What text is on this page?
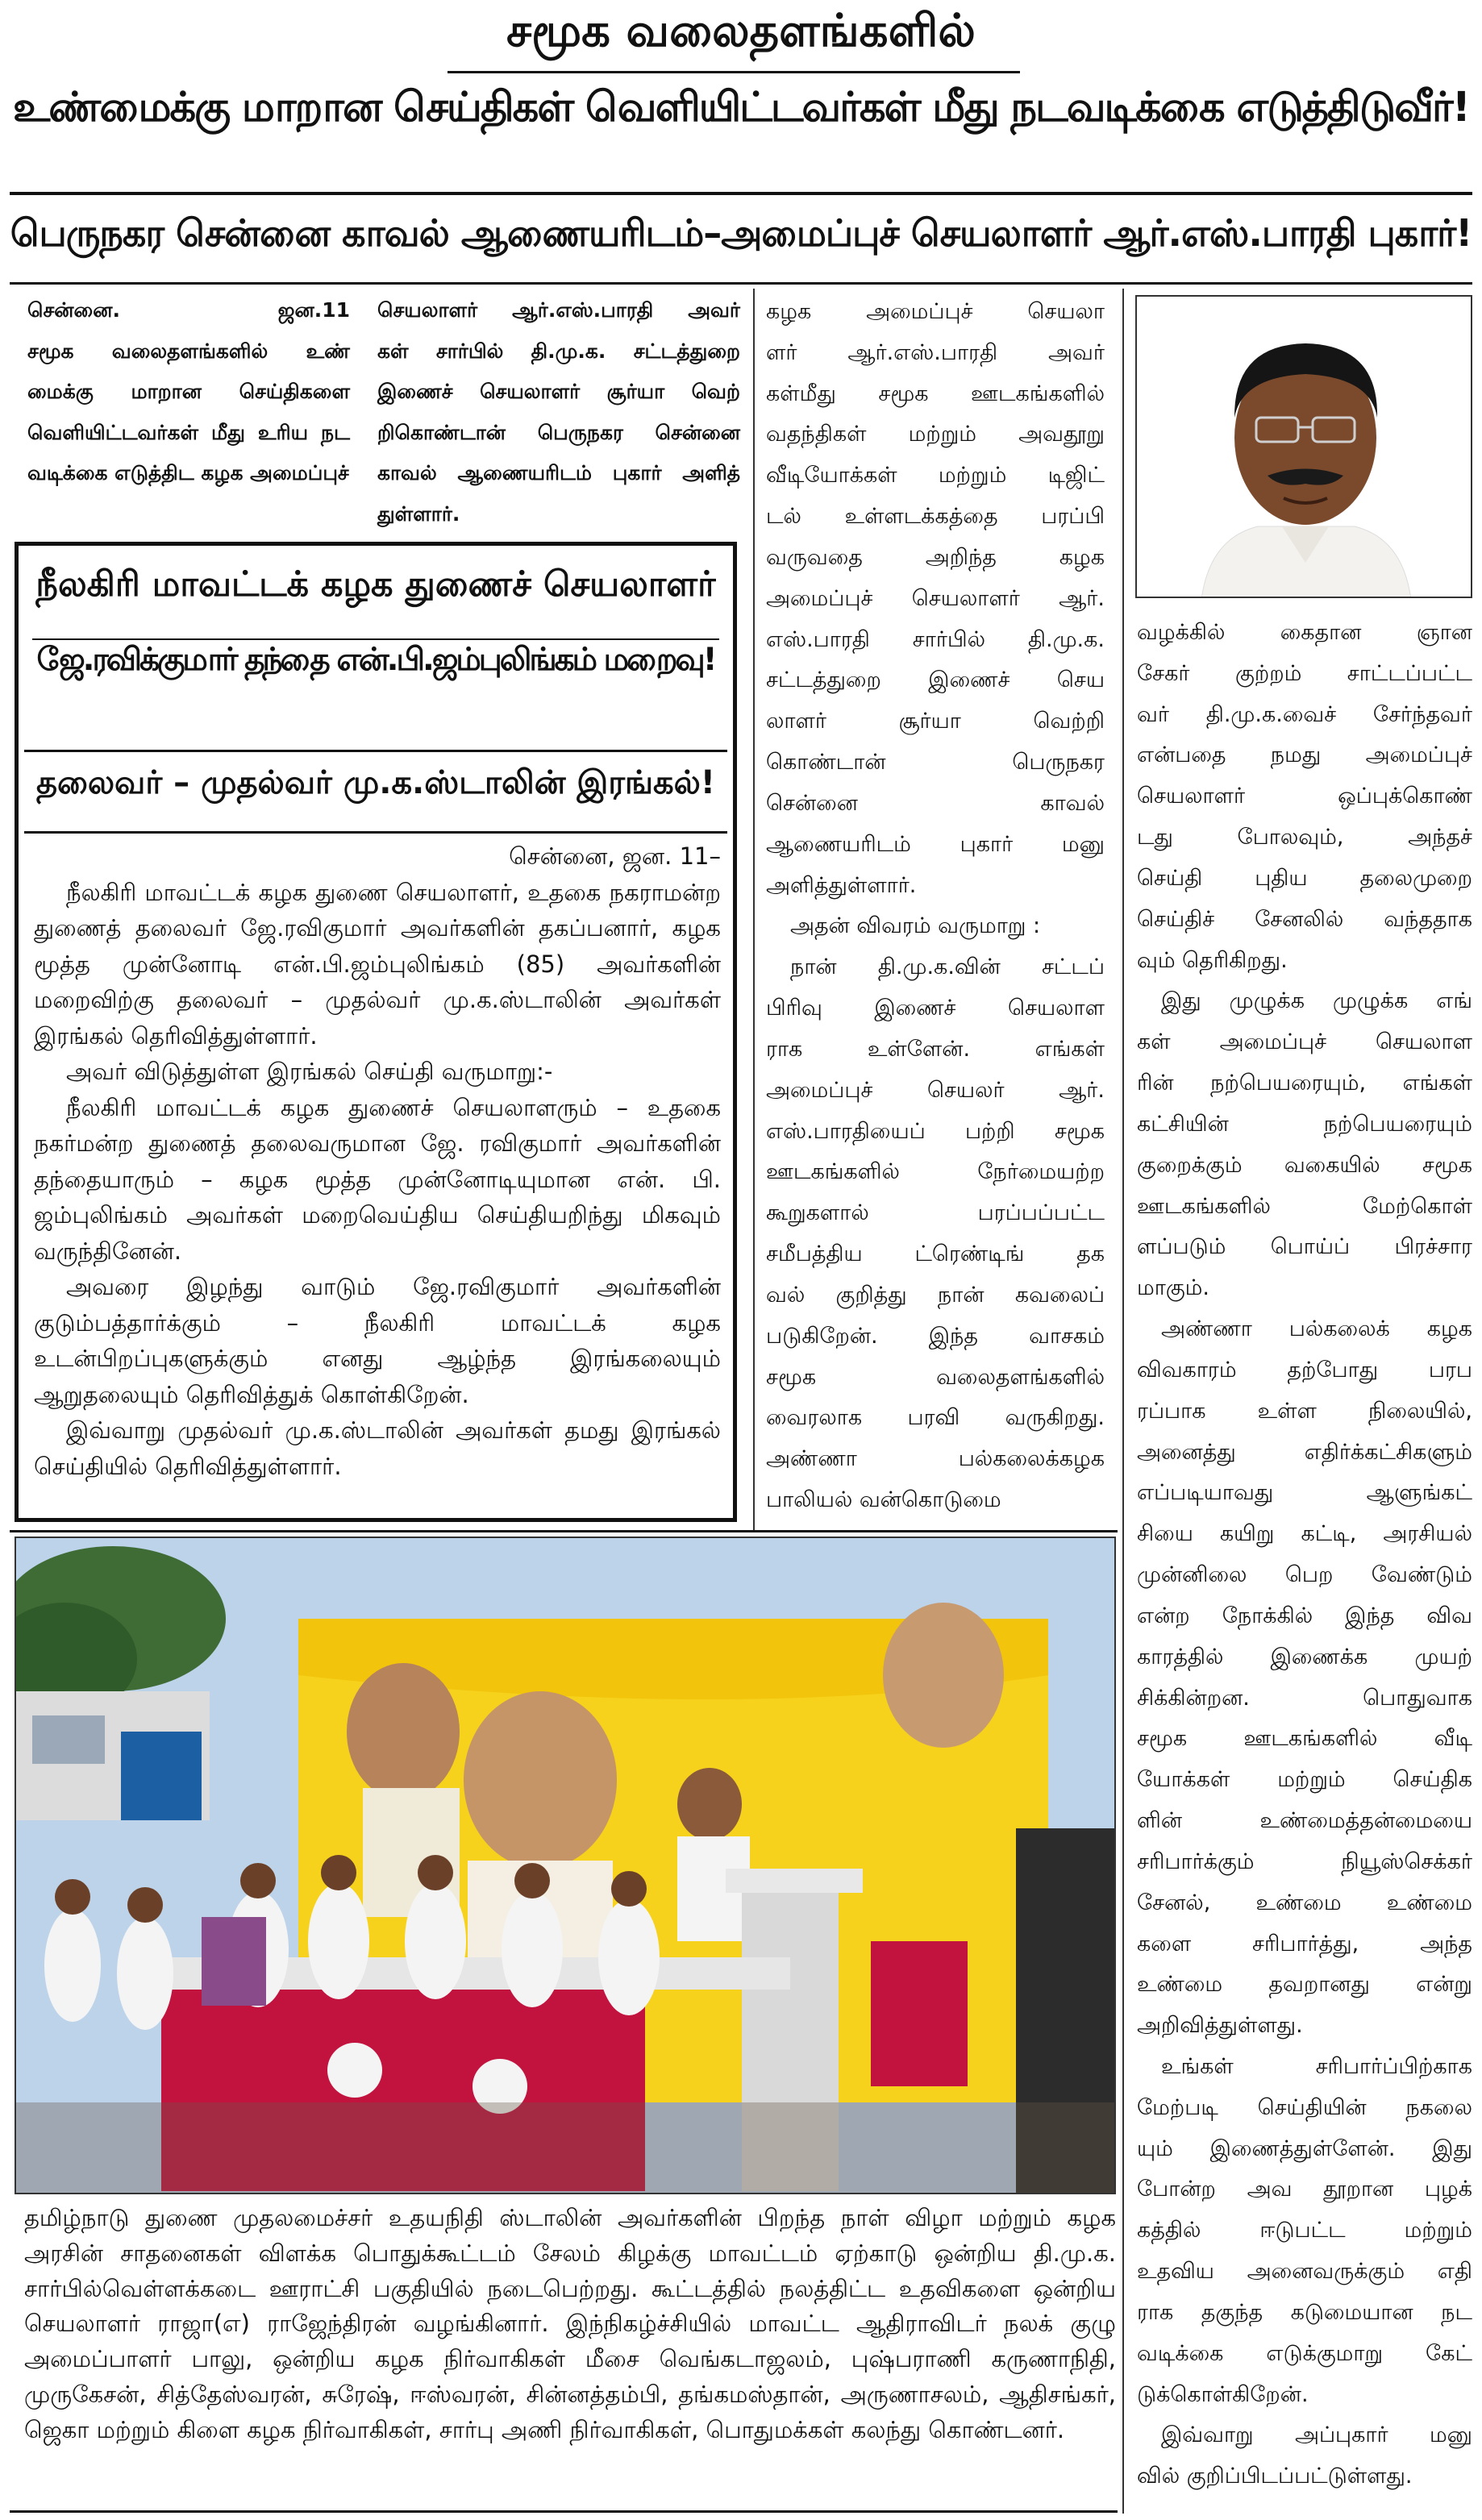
சமூக வலைதளங்களில்
உண்மைக்கு மாறான செய்திகள் வெளியிட்டவர்கள் மீது நடவடிக்கை எடுத்திடுவீர்!
பெருநகர சென்னை காவல் ஆணையரிடம்–அமைப்புச் செயலாளர் ஆர்.எஸ்.பாரதி புகார்!

சென்னை. ஜன.11

சமூக வலைதளங்களில் உண்

மைக்கு மாறான செய்திகளை

வெளியிட்டவர்கள் மீது உரிய நட

வடிக்கை எடுத்திட கழக அமைப்புச்

செயலாளர் ஆர்.எஸ்.பாரதி அவர்

கள் சார்பில் தி.மு.க. சட்டத்துறை

இணைச் செயலாளர் சூர்யா வெற்

றிகொண்டான் பெருநகர சென்னை

காவல் ஆணையரிடம் புகார் அளித்

துள்ளார்.

கழக அமைப்புச் செயலா

ளர் ஆர்.எஸ்.பாரதி அவர்

கள்மீது சமூக ஊடகங்களில்

வதந்திகள் மற்றும் அவதூறு

வீடியோக்கள் மற்றும் டிஜிட்

டல் உள்ளடக்கத்தை பரப்பி

வருவதை அறிந்த கழக

அமைப்புச் செயலாளர் ஆர்.

எஸ்.பாரதி சார்பில் தி.மு.க.

சட்டத்துறை இணைச் செய

லாளர் சூர்யா வெற்றி

கொண்டான் பெருநகர

சென்னை காவல்

ஆணையரிடம் புகார் மனு

அளித்துள்ளார்.

அதன் விவரம் வருமாறு :

நான் தி.மு.க.வின் சட்டப்

பிரிவு இணைச் செயலாள

ராக உள்ளேன். எங்கள்

அமைப்புச் செயலர் ஆர்.

எஸ்.பாரதியைப் பற்றி சமூக

ஊடகங்களில் நேர்மையற்ற

கூறுகளால் பரப்பப்பட்ட

சமீபத்திய ட்ரெண்டிங் தக

வல் குறித்து நான் கவலைப்

படுகிறேன். இந்த வாசகம்

சமூக வலைதளங்களில்

வைரலாக பரவி வருகிறது.

அண்ணா பல்கலைக்கழக

பாலியல் வன்கொடுமை

வழக்கில் கைதான ஞான

சேகர் குற்றம் சாட்டப்பட்ட

வர் தி.மு.க.வைச் சேர்ந்தவர்

என்பதை நமது அமைப்புச்

செயலாளர் ஒப்புக்கொண்

டது போலவும், அந்தச்

செய்தி புதிய தலைமுறை

செய்திச் சேனலில் வந்ததாக

வும் தெரிகிறது.

இது முழுக்க முழுக்க எங்

கள் அமைப்புச் செயலாள

ரின் நற்பெயரையும், எங்கள்

கட்சியின் நற்பெயரையும்

குறைக்கும் வகையில் சமூக

ஊடகங்களில் மேற்கொள்

ளப்படும் பொய்ப் பிரச்சார

மாகும்.

அண்ணா பல்கலைக் கழக

விவகாரம் தற்போது பரப

ரப்பாக உள்ள நிலையில்,

அனைத்து எதிர்க்கட்சிகளும்

எப்படியாவது ஆளுங்கட்

சியை கயிறு கட்டி, அரசியல்

முன்னிலை பெற வேண்டும்

என்ற நோக்கில் இந்த விவ

காரத்தில் இணைக்க முயற்

சிக்கின்றன. பொதுவாக

சமூக ஊடகங்களில் வீடி

யோக்கள் மற்றும் செய்திக

ளின் உண்மைத்தன்மையை

சரிபார்க்கும் நியூஸ்செக்கர்

சேனல், உண்மை உண்மை

களை சரிபார்த்து, அந்த

உண்மை தவறானது என்று

அறிவித்துள்ளது.

உங்கள் சரிபார்ப்பிற்காக

மேற்படி செய்தியின் நகலை

யும் இணைத்துள்ளேன். இது

போன்ற அவ தூறான புழக்

கத்தில் ஈடுபட்ட மற்றும்

உதவிய அனைவருக்கும் எதி

ராக தகுந்த கடுமையான நட

வடிக்கை எடுக்குமாறு கேட்

டுக்கொள்கிறேன்.

இவ்வாறு அப்புகார் மனு

வில் குறிப்பிடப்பட்டுள்ளது.

நீலகிரி மாவட்டக் கழக துணைச் செயலாளர்
ஜே.ரவிக்குமார் தந்தை என்.பி.ஜம்புலிங்கம் மறைவு!
தலைவர் – முதல்வர் மு.க.ஸ்டாலின் இரங்கல்!

சென்னை, ஜன. 11–

நீலகிரி மாவட்டக் கழக துணை செயலாளர், உதகை நகராமன்ற துணைத் தலைவர் ஜே.ரவிகுமார் அவர்களின் தகப்பனார், கழக மூத்த முன்னோடி என்.பி.ஜம்புலிங்கம் (85) அவர்களின் மறைவிற்கு தலைவர் – முதல்வர் மு.க.ஸ்டாலின் அவர்கள் இரங்கல் தெரிவித்துள்ளார்.

அவர் விடுத்துள்ள இரங்கல் செய்தி வருமாறு:-

நீலகிரி மாவட்டக் கழக துணைச் செயலாளரும் – உதகை நகர்மன்ற துணைத் தலைவருமான ஜே. ரவிகுமார் அவர்களின் தந்தையாரும் – கழக மூத்த முன்னோடியுமான என். பி. ஜம்புலிங்கம் அவர்கள் மறைவெய்திய செய்தியறிந்து மிகவும் வருந்தினேன்.

அவரை இழந்து வாடும் ஜே.ரவிகுமார் அவர்களின் குடும்பத்தார்க்கும் – நீலகிரி மாவட்டக் கழக உடன்பிறப்புகளுக்கும் எனது ஆழ்ந்த இரங்கலையும் ஆறுதலையும் தெரிவித்துக் கொள்கிறேன்.

இவ்வாறு முதல்வர் மு.க.ஸ்டாலின் அவர்கள் தமது இரங்கல் செய்தியில் தெரிவித்துள்ளார்.

தமிழ்நாடு துணை முதலமைச்சர் உதயநிதி ஸ்டாலின் அவர்களின் பிறந்த நாள் விழா மற்றும் கழக அரசின் சாதனைகள் விளக்க பொதுக்கூட்டம் சேலம் கிழக்கு மாவட்டம் ஏற்காடு ஒன்றிய தி.மு.க. சார்பில்வெள்ளக்கடை ஊராட்சி பகுதியில் நடைபெற்றது. கூட்டத்தில் நலத்திட்ட உதவிகளை ஒன்றிய செயலாளர் ராஜா(எ) ராஜேந்திரன் வழங்கினார். இந்நிகழ்ச்சியில் மாவட்ட ஆதிராவிடர் நலக் குழு அமைப்பாளர் பாலு, ஒன்றிய கழக நிர்வாகிகள் மீசை வெங்கடாஜலம், புஷ்பராணி கருணாநிதி, முருகேசன், சித்தேஸ்வரன், சுரேஷ், ஈஸ்வரன், சின்னத்தம்பி, தங்கமஸ்தான், அருணாசலம், ஆதிசங்கர், ஜெகா மற்றும் கிளை கழக நிர்வாகிகள், சார்பு அணி நிர்வாகிகள், பொதுமக்கள் கலந்து கொண்டனர்.
